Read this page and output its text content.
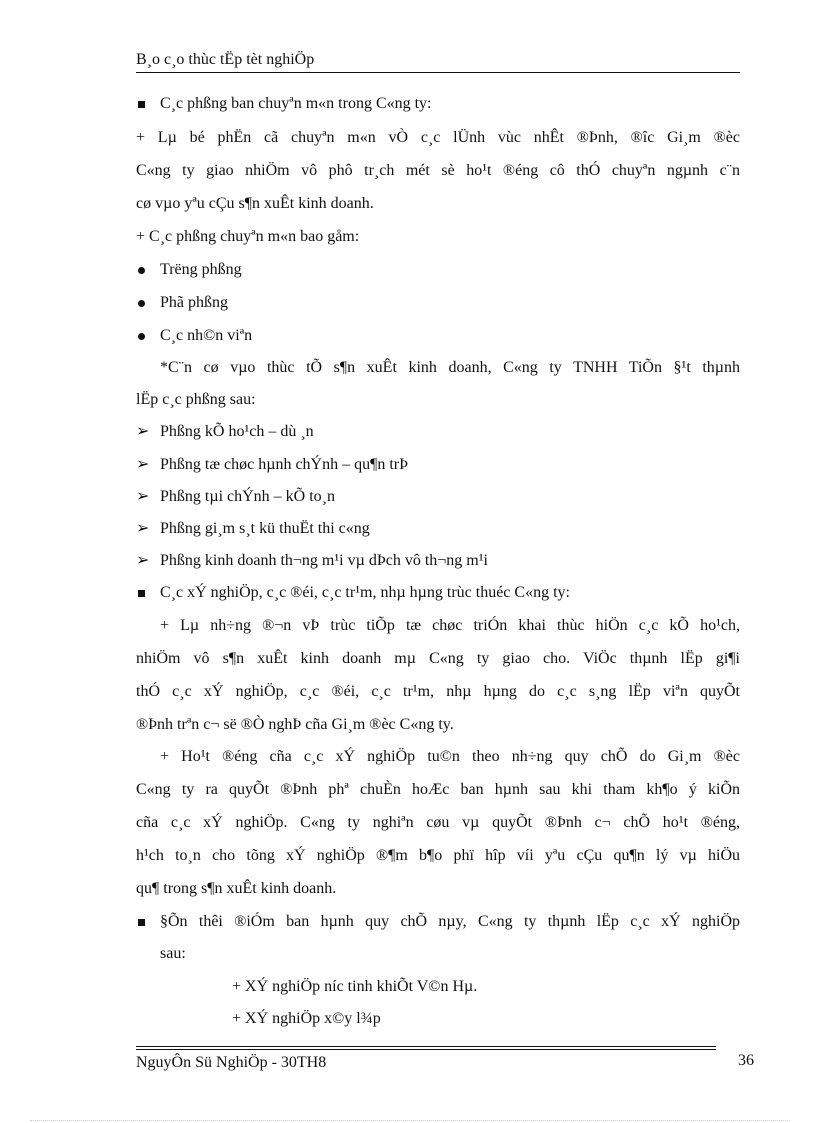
B¸o c¸o thùc tËp tèt nghiÖp
C¸c phßng ban chuyªn m«n trong C«ng ty:
+ Lµ bé phËn cã chuyªn m«n vÒ c¸c lÜnh vùc nhÊt ®Þnh, ®îc Gi¸m ®èc
C«ng ty giao nhiÖm vô phô tr¸ch mét sè ho¹t ®éng cô thÓ chuyªn ngµnh c¨n
cø vµo yªu cÇu s¶n xuÊt kinh doanh.
+ C¸c phßng chuyªn m«n bao gåm:
Trëng phßng
Phã phßng
C¸c nh©n viªn
*C¨n cø vµo thùc tÕ s¶n xuÊt kinh doanh, C«ng ty TNHH TiÕn §¹t thµnh
lËp c¸c phßng sau:
➢ Phßng kÕ ho¹ch – dù ¸n
➢ Phßng tæ chøc hµnh chÝnh – qu¶n trÞ
➢ Phßng tµi chÝnh – kÕ to¸n
➢ Phßng gi¸m s¸t kü thuËt thi c«ng
➢ Phßng kinh doanh th¬ng m¹i vµ dÞch vô th¬ng m¹i
C¸c xÝ nghiÖp, c¸c ®éi, c¸c tr¹m, nhµ hµng trùc thuéc C«ng ty:
+ Lµ nh÷ng ®¬n vÞ trùc tiÕp tæ chøc triÓn khai thùc hiÖn c¸c kÕ ho¹ch,
nhiÖm vô s¶n xuÊt kinh doanh mµ C«ng ty giao cho. ViÖc thµnh lËp gi¶i
thÓ c¸c xÝ nghiÖp, c¸c ®éi, c¸c tr¹m, nhµ hµng do c¸c s¸ng lËp viªn quyÕt
®Þnh trªn c¬ së ®Ò nghÞ cña Gi¸m ®èc C«ng ty.
+ Ho¹t ®éng cña c¸c xÝ nghiÖp tu©n theo nh÷ng quy chÕ do Gi¸m ®èc
C«ng ty ra quyÕt ®Þnh phª chuÈn hoÆc ban hµnh sau khi tham kh¶o ý kiÕn
cña c¸c xÝ nghiÖp. C«ng ty nghiªn cøu vµ quyÕt ®Þnh c¬ chÕ ho¹t ®éng,
h¹ch to¸n cho tõng xÝ nghiÖp ®¶m b¶o phï hîp víi yªu cÇu qu¶n lý vµ hiÖu
qu¶ trong s¶n xuÊt kinh doanh.
§Õn thêi ®iÓm ban hµnh quy chÕ nµy, C«ng ty thµnh lËp c¸c xÝ nghiÖp
sau:
+ XÝ nghiÖp níc tinh khiÕt V©n Hµ.
+ XÝ nghiÖp x©y l¾p
NguyÔn Sü NghiÖp - 30TH8	36
